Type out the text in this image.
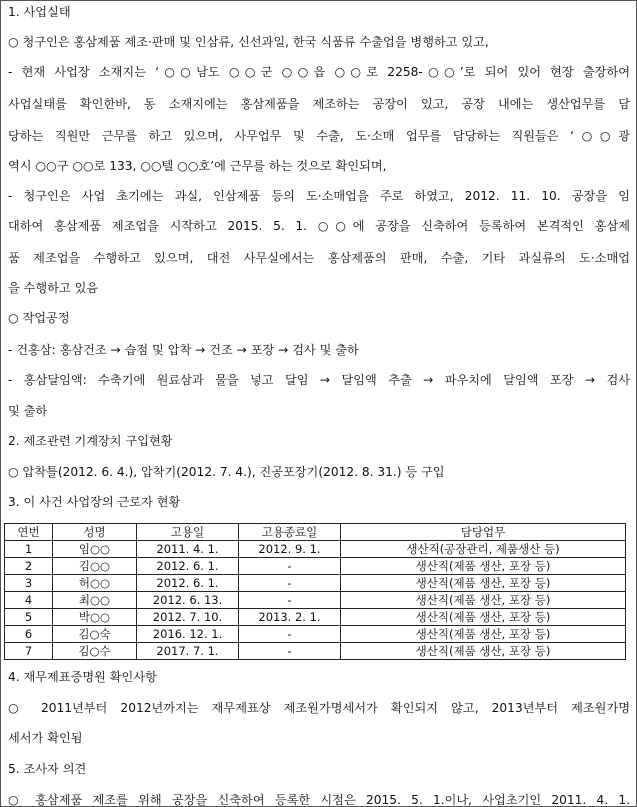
1. 사업실태
○ 청구인은 홍삼제품 제조·판매 및 인삼류, 신선과일, 한국 식품류 수출업을 병행하고 있고,
- 현재 사업장 소재지는 ‘○○남도 ○○군 ○○읍 ○○로 2258-○○’로 되어 있어 현장 출장하여
사업실태를 확인한바, 동 소재지에는 홍삼제품을 제조하는 공장이 있고, 공장 내에는 생산업무를 담
당하는 직원만 근무를 하고 있으며, 사무업무 및 수출, 도·소매 업무를 담당하는 직원들은 ‘○○광
역시 ○○구 ○○로 133, ○○텔 ○○호’에 근무를 하는 것으로 확인되며,
- 청구인은 사업 초기에는 과실, 인삼제품 등의 도·소매업을 주로 하였고, 2012. 11. 10. 공장을 임
대하여 홍삼제품 제조업을 시작하고 2015. 5. 1. ○○에 공장을 신축하여 등록하여 본격적인 홍삼제
품 제조업을 수행하고 있으며, 대전 사무실에서는 홍삼제품의 판매, 수출, 기타 과실류의 도·소매업
을 수행하고 있음
○ 작업공정
- 건홍삼: 홍삼건조 → 습점 및 압착 → 건조 → 포장 → 검사 및 출하
- 홍삼달임액: 수축기에 원료삼과 물을 넣고 달임 → 달임액 추출 → 파우치에 달임액 포장 → 검사
및 출하
2. 제조관련 기계장치 구입현황
○ 압착틀(2012. 6. 4.), 압착기(2012. 7. 4.), 진공포장기(2012. 8. 31.) 등 구입
3. 이 사건 사업장의 근로자 현황
연번	성명	고용일	고용종료일	담당업무
1	임○○	2011. 4. 1.	2012. 9. 1.	생산직(공장관리, 제품생산 등)
2	김○○	2012. 6. 1.	-	생산직(제품 생산, 포장 등)
3	허○○	2012. 6. 1.	-	생산직(제품 생산, 포장 등)
4	최○○	2012. 6. 13.	-	생산직(제품 생산, 포장 등)
5	박○○	2012. 7. 10.	2013. 2. 1.	생산직(제품 생산, 포장 등)
6	김○숙	2016. 12. 1.	-	생산직(제품 생산, 포장 등)
7	김○수	2017. 7. 1.	-	생산직(제품 생산, 포장 등)
4. 재무제표증명원 확인사항
○ 2011년부터 2012년까지는 재무제표상 제조원가명세서가 확인되지 않고, 2013년부터 제조원가명
세서가 확인됨
5. 조사자 의견
○ 홍삼제품 제조를 위해 공장을 신축하여 등록한 시점은 2015. 5. 1.이나, 사업초기인 2011. 4. 1.
